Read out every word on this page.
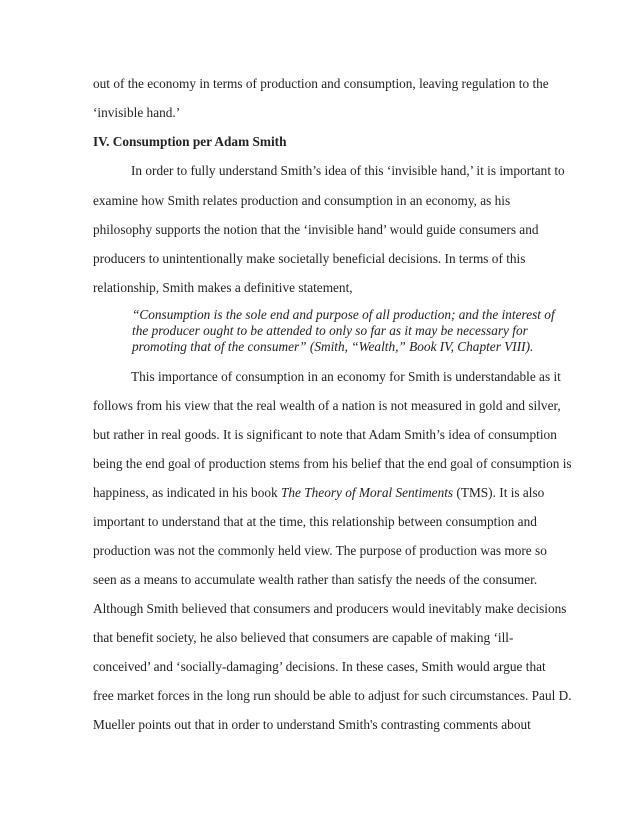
out of the economy in terms of production and consumption, leaving regulation to the
‘invisible hand.’
IV. Consumption per Adam Smith
In order to fully understand Smith’s idea of this ‘invisible hand,’ it is important to
examine how Smith relates production and consumption in an economy, as his
philosophy supports the notion that the ‘invisible hand’ would guide consumers and
producers to unintentionally make societally beneficial decisions. In terms of this
relationship, Smith makes a definitive statement,
“Consumption is the sole end and purpose of all production; and the interest of
the producer ought to be attended to only so far as it may be necessary for
promoting that of the consumer” (Smith, “Wealth,” Book IV, Chapter VIII).
This importance of consumption in an economy for Smith is understandable as it
follows from his view that the real wealth of a nation is not measured in gold and silver,
but rather in real goods. It is significant to note that Adam Smith’s idea of consumption
being the end goal of production stems from his belief that the end goal of consumption is
happiness, as indicated in his book The Theory of Moral Sentiments (TMS). It is also
important to understand that at the time, this relationship between consumption and
production was not the commonly held view. The purpose of production was more so
seen as a means to accumulate wealth rather than satisfy the needs of the consumer.
Although Smith believed that consumers and producers would inevitably make decisions
that benefit society, he also believed that consumers are capable of making ‘ill-
conceived’ and ‘socially-damaging’ decisions. In these cases, Smith would argue that
free market forces in the long run should be able to adjust for such circumstances. Paul D.
Mueller points out that in order to understand Smith's contrasting comments about
